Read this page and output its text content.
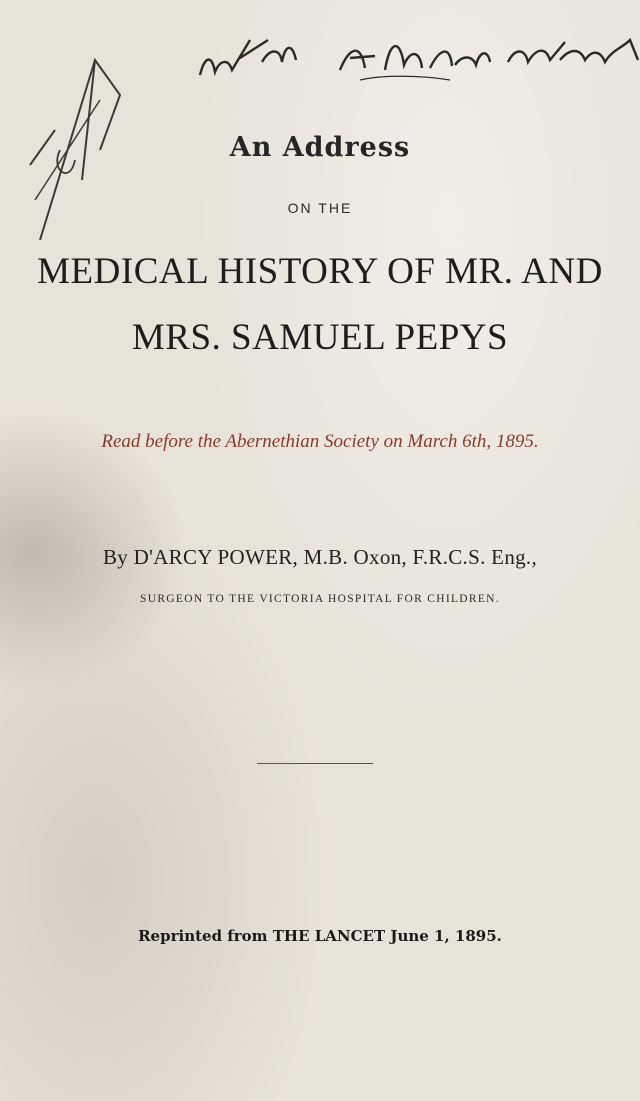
An Address
ON THE
MEDICAL HISTORY OF MR. AND
MRS. SAMUEL PEPYS
Read before the Abernethian Society on March 6th, 1895.
By D'ARCY POWER, M.B. Oxon, F.R.C.S. Eng.,
SURGEON TO THE VICTORIA HOSPITAL FOR CHILDREN.
Reprinted from THE LANCET June 1, 1895.
